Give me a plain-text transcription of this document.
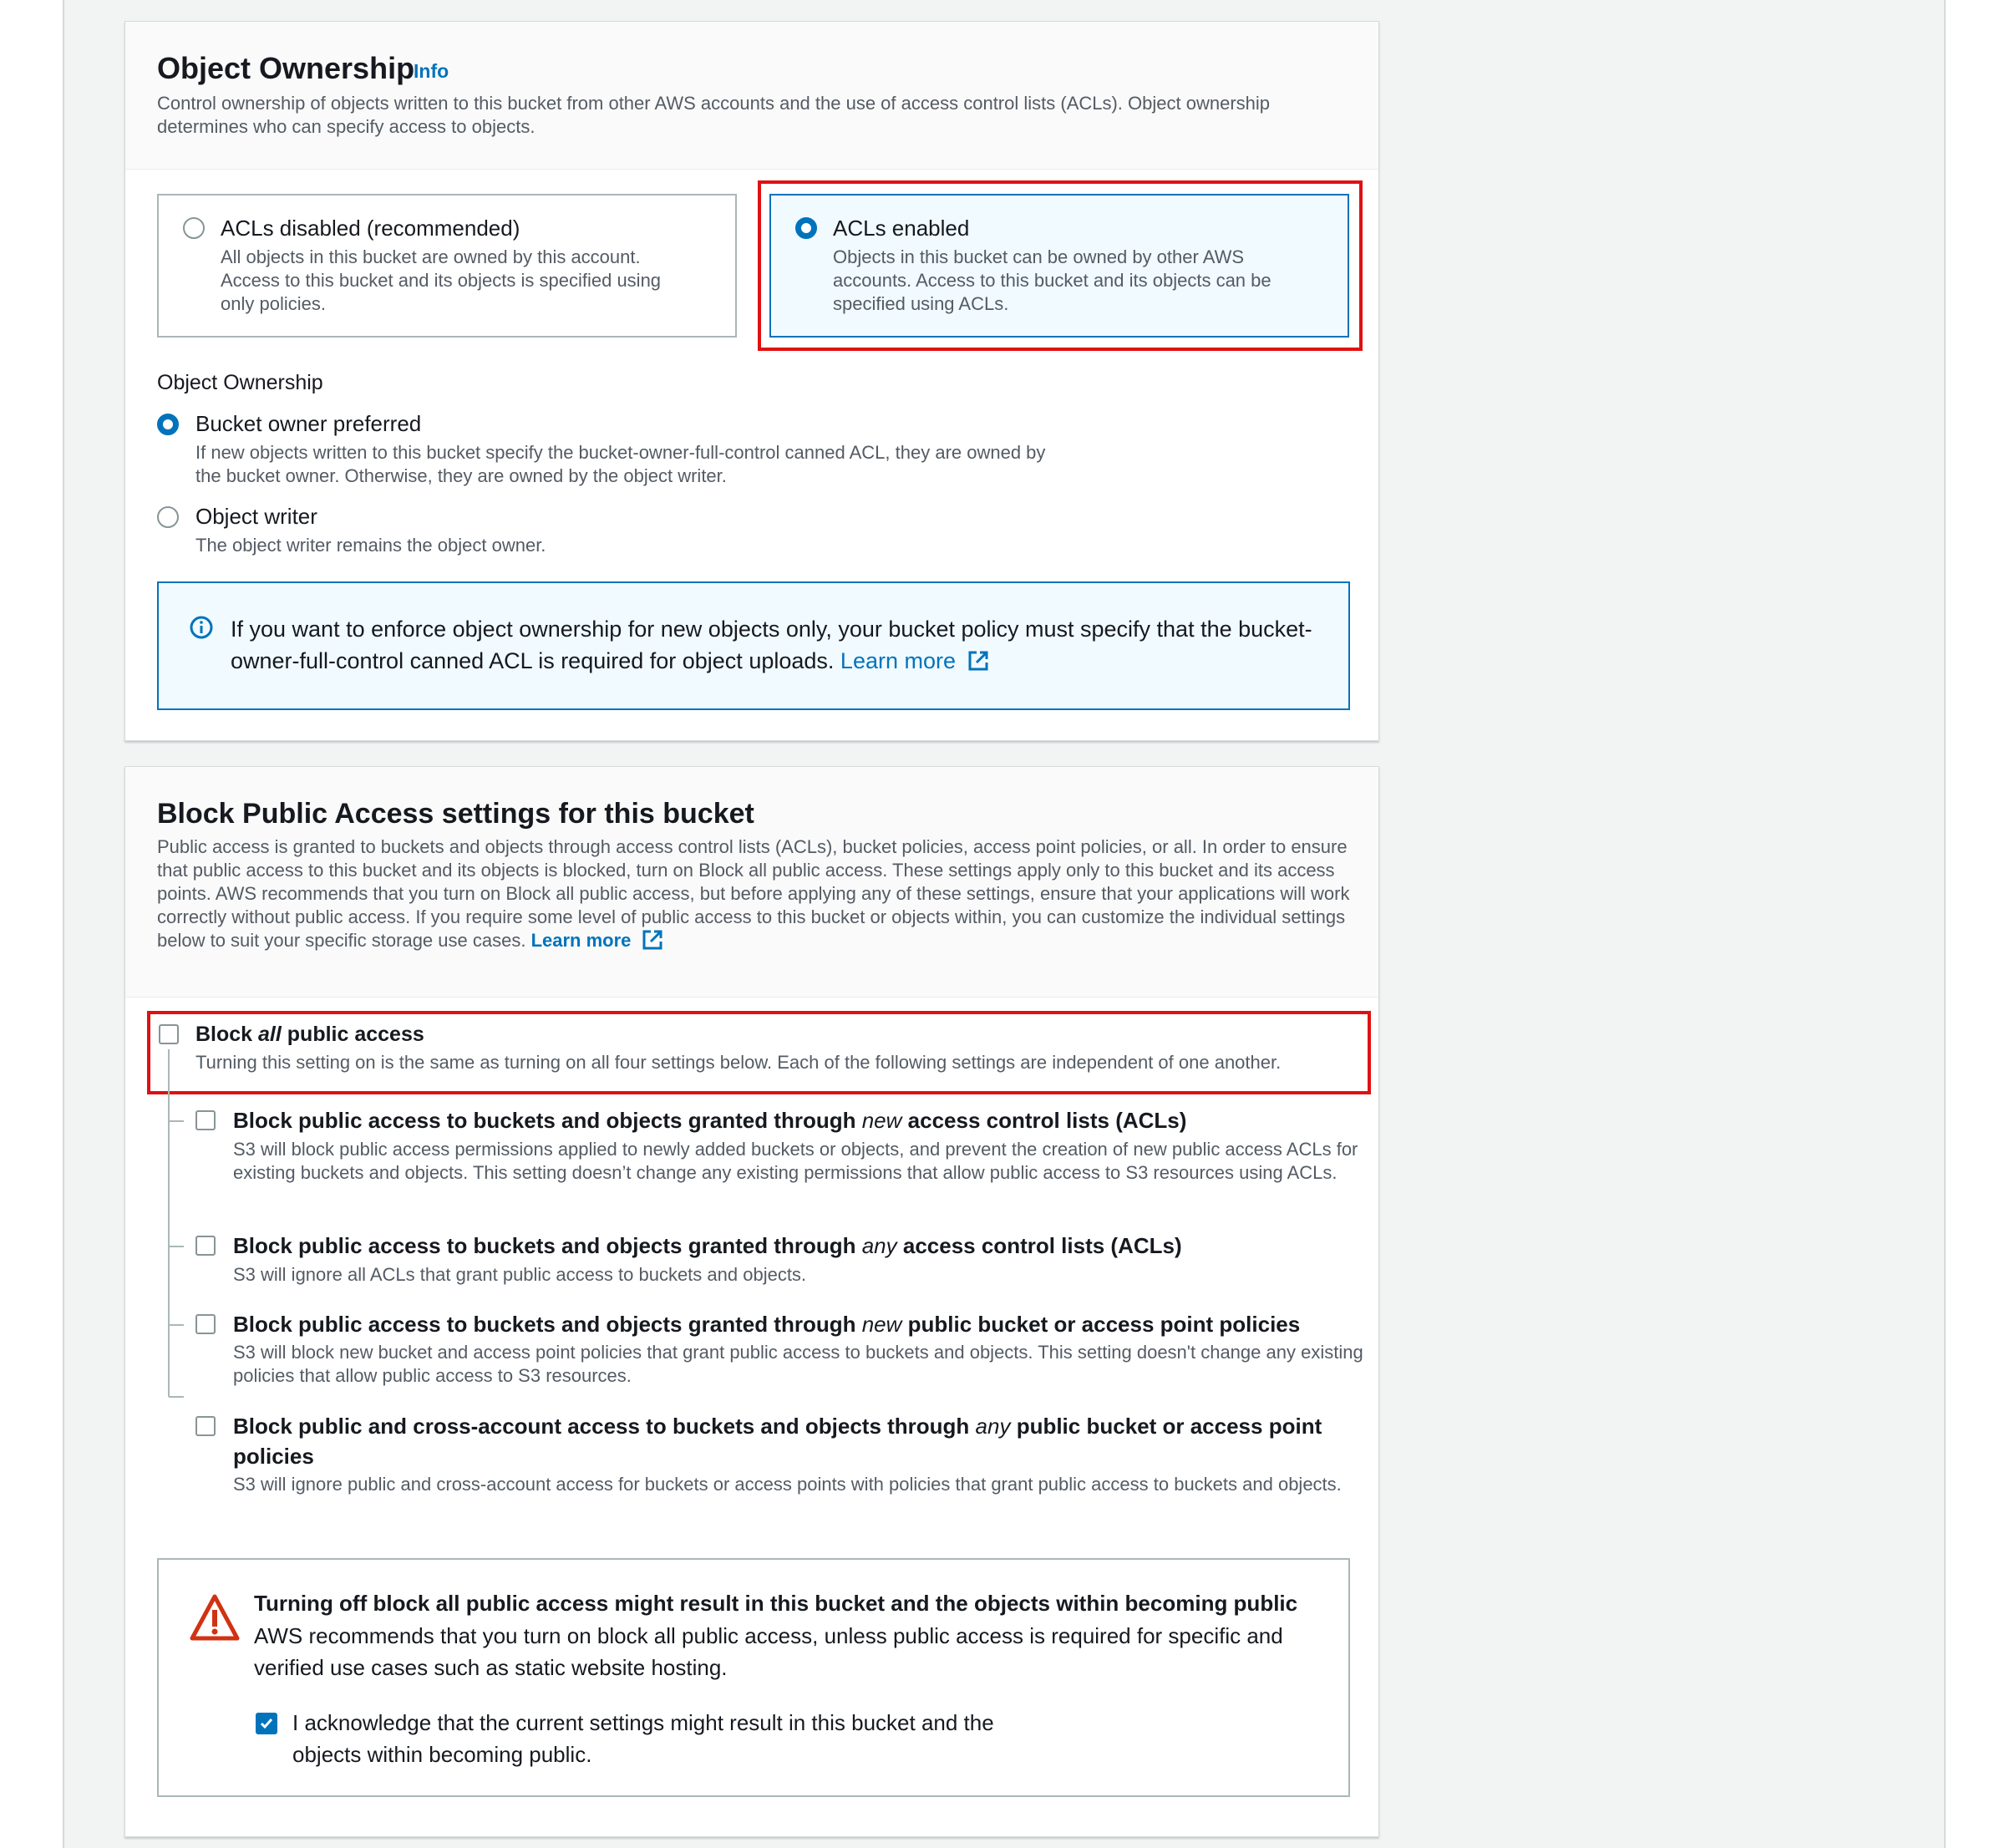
Object Ownership
Info
Control ownership of objects written to this bucket from other AWS accounts and the use of access control lists (ACLs). Object ownership determines who can specify access to objects.
ACLs disabled (recommended)
All objects in this bucket are owned by this account. Access to this bucket and its objects is specified using only policies.
ACLs enabled
Objects in this bucket can be owned by other AWS accounts. Access to this bucket and its objects can be specified using ACLs.
Object Ownership
Bucket owner preferred
If new objects written to this bucket specify the bucket-owner-full-control canned ACL, they are owned by the bucket owner. Otherwise, they are owned by the object writer.
Object writer
The object writer remains the object owner.
If you want to enforce object ownership for new objects only, your bucket policy must specify that the bucket-owner-full-control canned ACL is required for object uploads. Learn more
Block Public Access settings for this bucket
Public access is granted to buckets and objects through access control lists (ACLs), bucket policies, access point policies, or all. In order to ensure that public access to this bucket and its objects is blocked, turn on Block all public access. These settings apply only to this bucket and its access points. AWS recommends that you turn on Block all public access, but before applying any of these settings, ensure that your applications will work correctly without public access. If you require some level of public access to this bucket or objects within, you can customize the individual settings below to suit your specific storage use cases. Learn more
Block all public access
Turning this setting on is the same as turning on all four settings below. Each of the following settings are independent of one another.
Block public access to buckets and objects granted through new access control lists (ACLs)
S3 will block public access permissions applied to newly added buckets or objects, and prevent the creation of new public access ACLs for existing buckets and objects. This setting doesn’t change any existing permissions that allow public access to S3 resources using ACLs.
Block public access to buckets and objects granted through any access control lists (ACLs)
S3 will ignore all ACLs that grant public access to buckets and objects.
Block public access to buckets and objects granted through new public bucket or access point policies
S3 will block new bucket and access point policies that grant public access to buckets and objects. This setting doesn't change any existing policies that allow public access to S3 resources.
Block public and cross-account access to buckets and objects through any public bucket or access point policies
S3 will ignore public and cross-account access for buckets or access points with policies that grant public access to buckets and objects.
Turning off block all public access might result in this bucket and the objects within becoming public
AWS recommends that you turn on block all public access, unless public access is required for specific and verified use cases such as static website hosting.
I acknowledge that the current settings might result in this bucket and the objects within becoming public.
